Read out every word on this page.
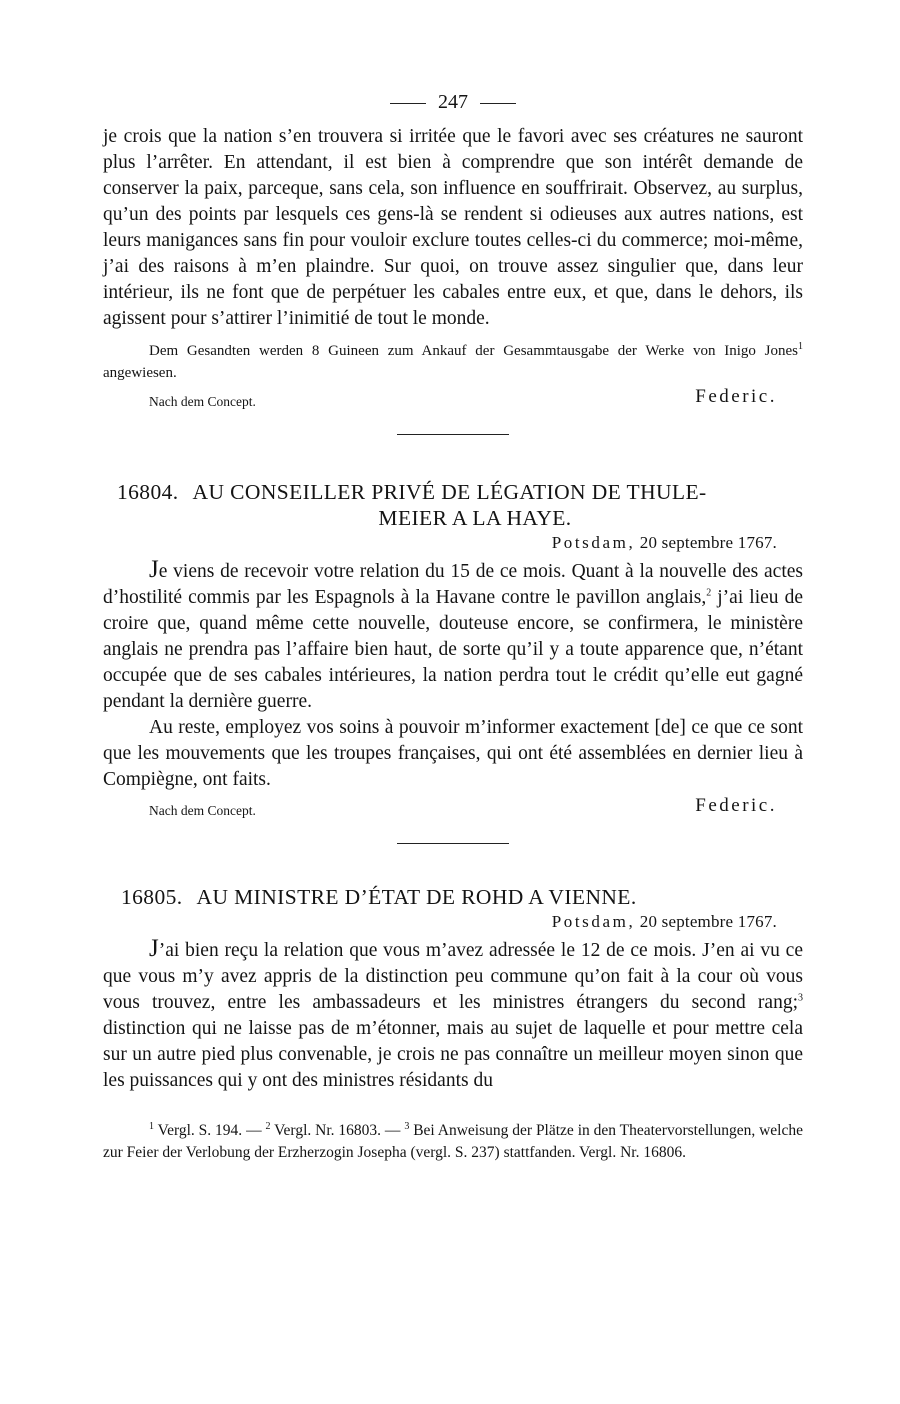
247

je crois que la nation s’en trouvera si irritée que le favori avec ses créatures ne sauront plus l’arrêter. En attendant, il est bien à comprendre que son intérêt demande de conserver la paix, parceque, sans cela, son influence en souffrirait. Observez, au surplus, qu’un des points par lesquels ces gens-là se rendent si odieuses aux autres nations, est leurs manigances sans fin pour vouloir exclure toutes celles-ci du commerce; moi-même, j’ai des raisons à m’en plaindre. Sur quoi, on trouve assez singulier que, dans leur intérieur, ils ne font que de perpétuer les cabales entre eux, et que, dans le dehors, ils agissent pour s’attirer l’inimitié de tout le monde.

Dem Gesandten werden 8 Guineen zum Ankauf der Gesammtausgabe der Werke von Inigo Jones$^1$ angewiesen.

Nach dem Concept.	Federic.

16804. AU CONSEILLER PRIVÉ DE LÉGATION DE THULE-
MEIER A LA HAYE.

Potsdam, 20 septembre 1767.

Je viens de recevoir votre relation du 15 de ce mois. Quant à la nouvelle des actes d’hostilité commis par les Espagnols à la Havane contre le pavillon anglais,$^2$ j’ai lieu de croire que, quand même cette nouvelle, douteuse encore, se confirmera, le ministère anglais ne prendra pas l’affaire bien haut, de sorte qu’il y a toute apparence que, n’étant occupée que de ses cabales intérieures, la nation perdra tout le crédit qu’elle eut gagné pendant la dernière guerre.

Au reste, employez vos soins à pouvoir m’informer exactement [de] ce que ce sont que les mouvements que les troupes françaises, qui ont été assemblées en dernier lieu à Compiègne, ont faits.

Nach dem Concept.	Federic.

16805. AU MINISTRE D’ÉTAT DE ROHD A VIENNE.

Potsdam, 20 septembre 1767.

J’ai bien reçu la relation que vous m’avez adressée le 12 de ce mois. J’en ai vu ce que vous m’y avez appris de la distinction peu commune qu’on fait à la cour où vous vous trouvez, entre les ambassadeurs et les ministres étrangers du second rang;$^3$ distinction qui ne laisse pas de m’étonner, mais au sujet de laquelle et pour mettre cela sur un autre pied plus convenable, je crois ne pas connaître un meilleur moyen sinon que les puissances qui y ont des ministres résidants du

$^1$ Vergl. S. 194. — $^2$ Vergl. Nr. 16803. — $^3$ Bei Anweisung der Plätze in den Theatervorstellungen, welche zur Feier der Verlobung der Erzherzogin Josepha (vergl. S. 237) stattfanden. Vergl. Nr. 16806.
